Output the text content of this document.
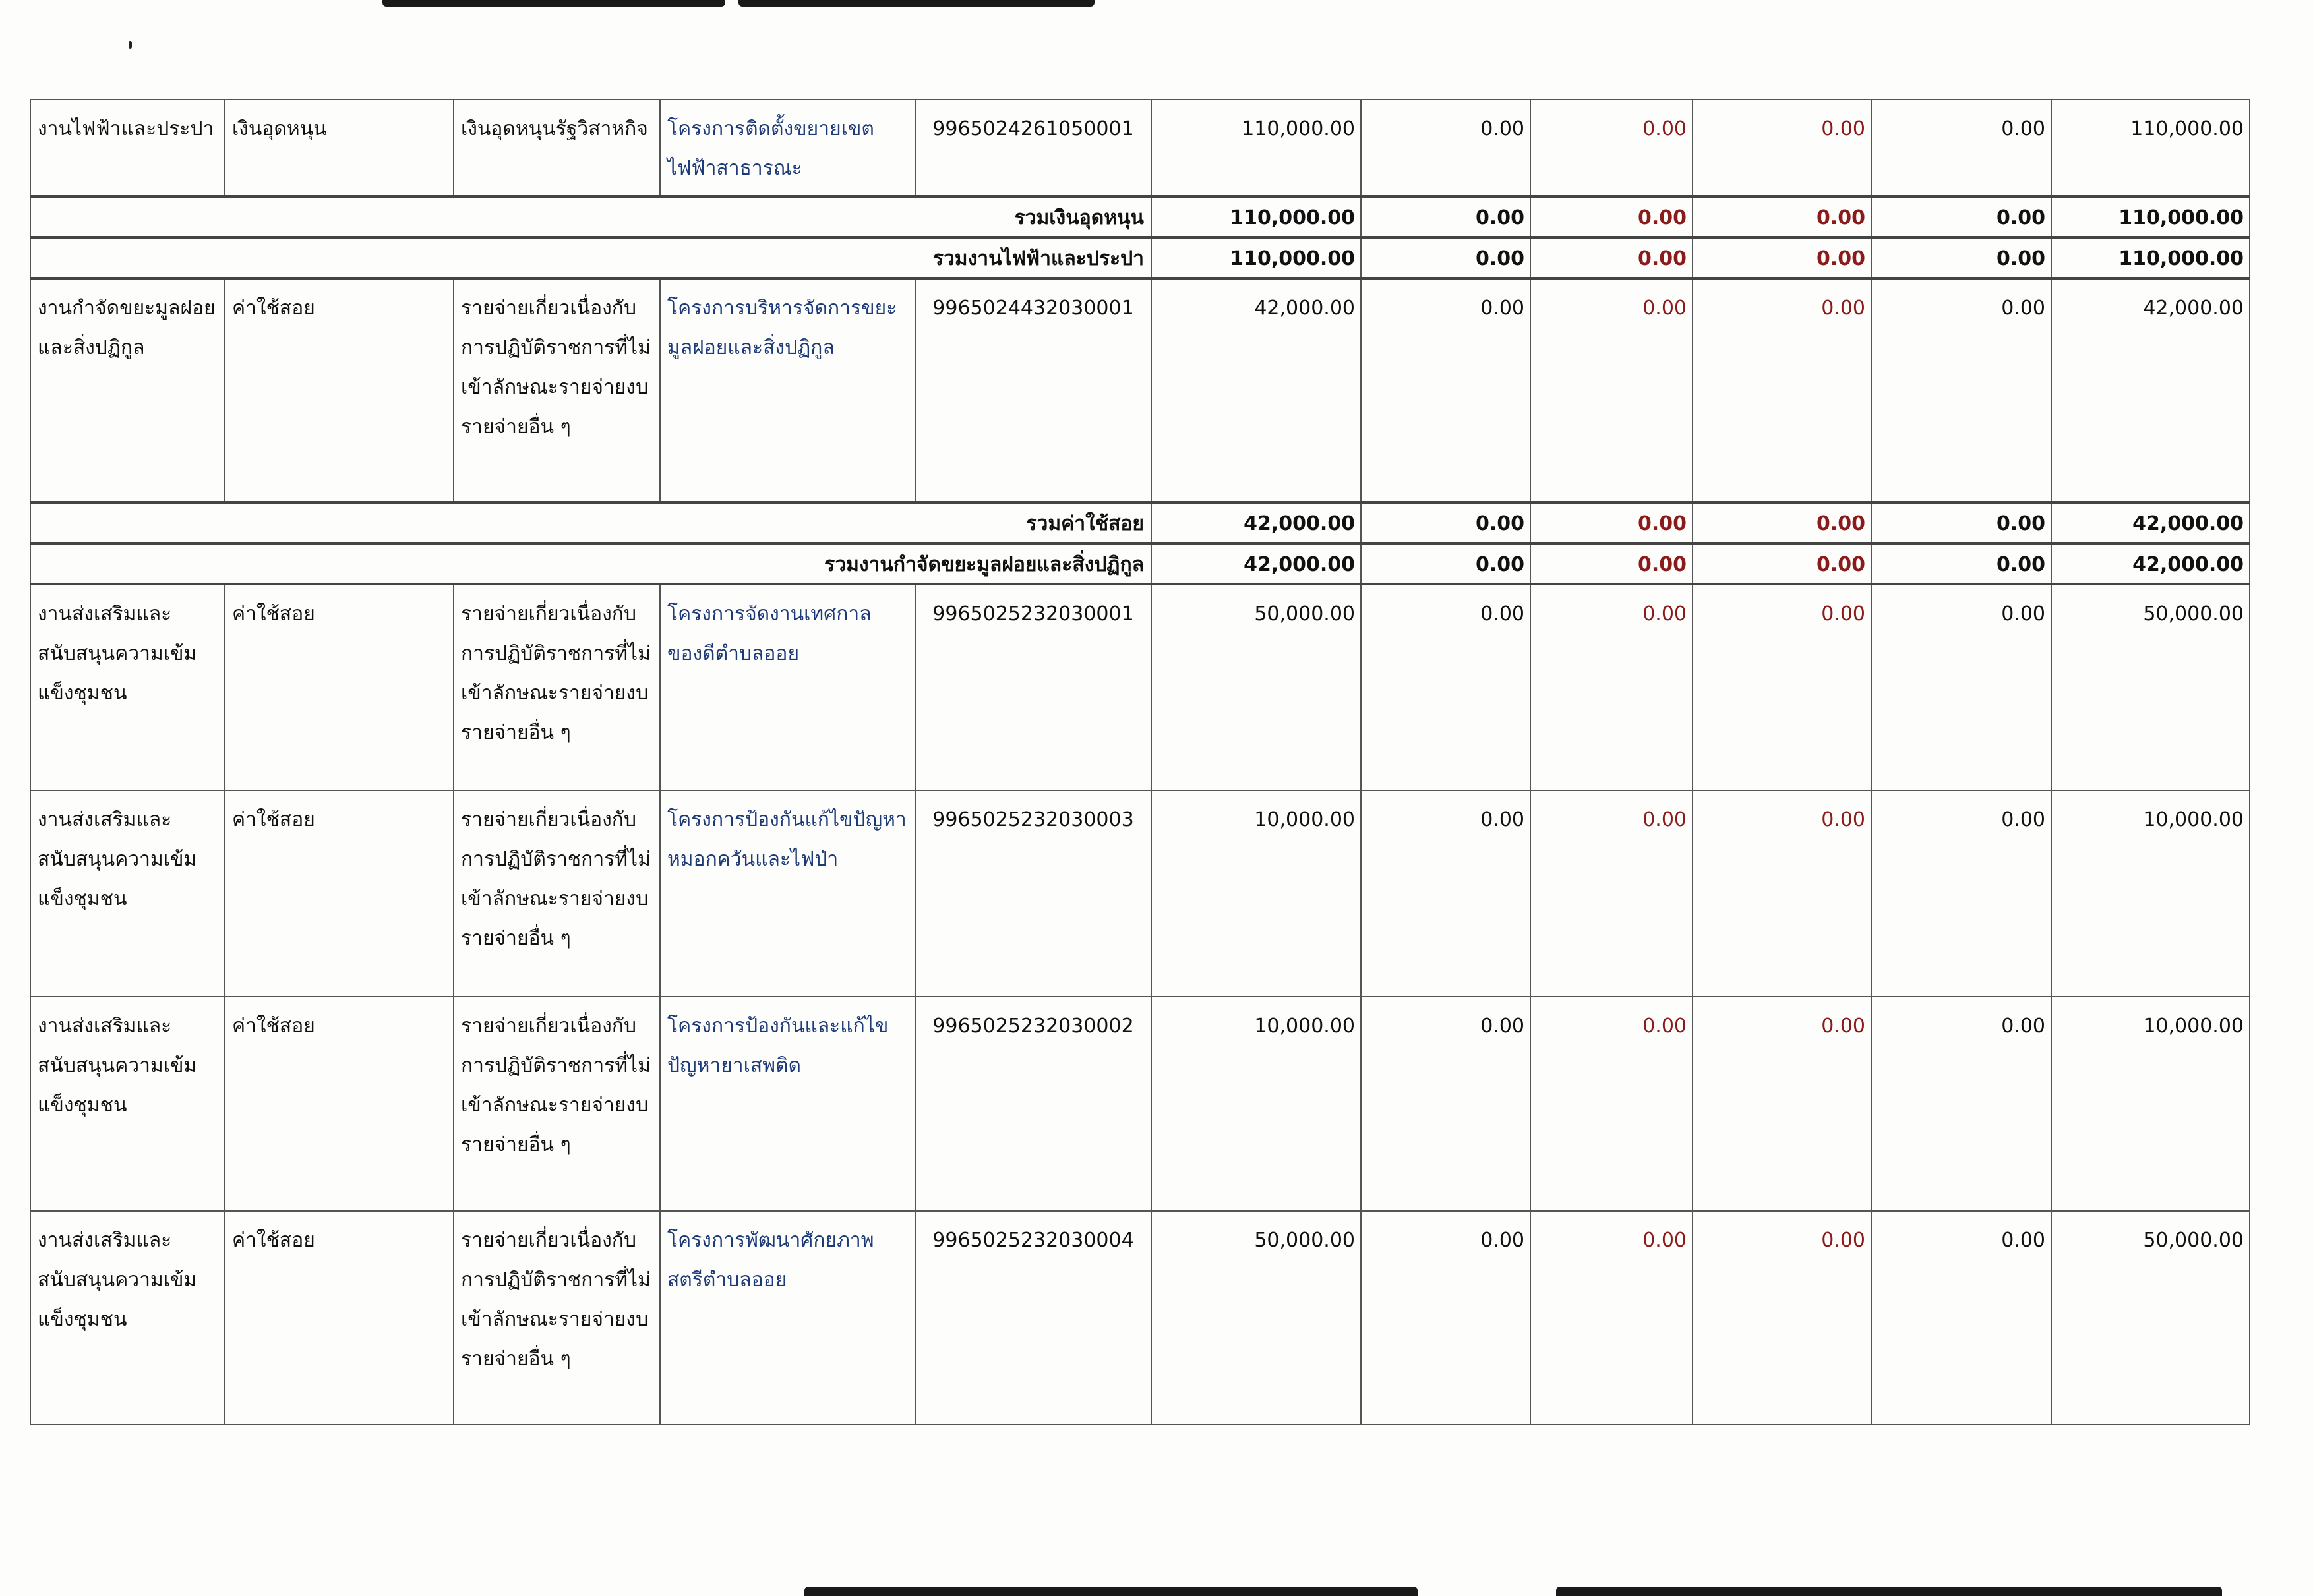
งานไฟฟ้าและประปา	เงินอุดหนุน	เงินอุดหนุนรัฐวิสาหกิจ	โครงการติดตั้งขยายเขตไฟฟ้าสาธารณะ	9965024261050001	110,000.00	0.00	0.00	0.00	0.00	110,000.00
รวมเงินอุดหนุน					110,000.00	0.00	0.00	0.00	0.00	110,000.00
รวมงานไฟฟ้าและประปา					110,000.00	0.00	0.00	0.00	0.00	110,000.00
งานกำจัดขยะมูลฝอยและสิ่งปฏิกูล	ค่าใช้สอย	รายจ่ายเกี่ยวเนื่องกับการปฏิบัติราชการที่ไม่เข้าลักษณะรายจ่ายงบรายจ่ายอื่น ๆ	โครงการบริหารจัดการขยะมูลฝอยและสิ่งปฏิกูล	9965024432030001	42,000.00	0.00	0.00	0.00	0.00	42,000.00
รวมค่าใช้สอย					42,000.00	0.00	0.00	0.00	0.00	42,000.00
รวมงานกำจัดขยะมูลฝอยและสิ่งปฏิกูล					42,000.00	0.00	0.00	0.00	0.00	42,000.00
งานส่งเสริมและสนับสนุนความเข้มแข็งชุมชน	ค่าใช้สอย	รายจ่ายเกี่ยวเนื่องกับการปฏิบัติราชการที่ไม่เข้าลักษณะรายจ่ายงบรายจ่ายอื่น ๆ	โครงการจัดงานเทศกาลของดีตำบลออย	9965025232030001	50,000.00	0.00	0.00	0.00	0.00	50,000.00
งานส่งเสริมและสนับสนุนความเข้มแข็งชุมชน	ค่าใช้สอย	รายจ่ายเกี่ยวเนื่องกับการปฏิบัติราชการที่ไม่เข้าลักษณะรายจ่ายงบรายจ่ายอื่น ๆ	โครงการป้องกันแก้ไขปัญหาหมอกควันและไฟป่า	9965025232030003	10,000.00	0.00	0.00	0.00	0.00	10,000.00
งานส่งเสริมและสนับสนุนความเข้มแข็งชุมชน	ค่าใช้สอย	รายจ่ายเกี่ยวเนื่องกับการปฏิบัติราชการที่ไม่เข้าลักษณะรายจ่ายงบรายจ่ายอื่น ๆ	โครงการป้องกันและแก้ไขปัญหายาเสพติด	9965025232030002	10,000.00	0.00	0.00	0.00	0.00	10,000.00
งานส่งเสริมและสนับสนุนความเข้มแข็งชุมชน	ค่าใช้สอย	รายจ่ายเกี่ยวเนื่องกับการปฏิบัติราชการที่ไม่เข้าลักษณะรายจ่ายงบรายจ่ายอื่น ๆ	โครงการพัฒนาศักยภาพสตรีตำบลออย	9965025232030004	50,000.00	0.00	0.00	0.00	0.00	50,000.00
